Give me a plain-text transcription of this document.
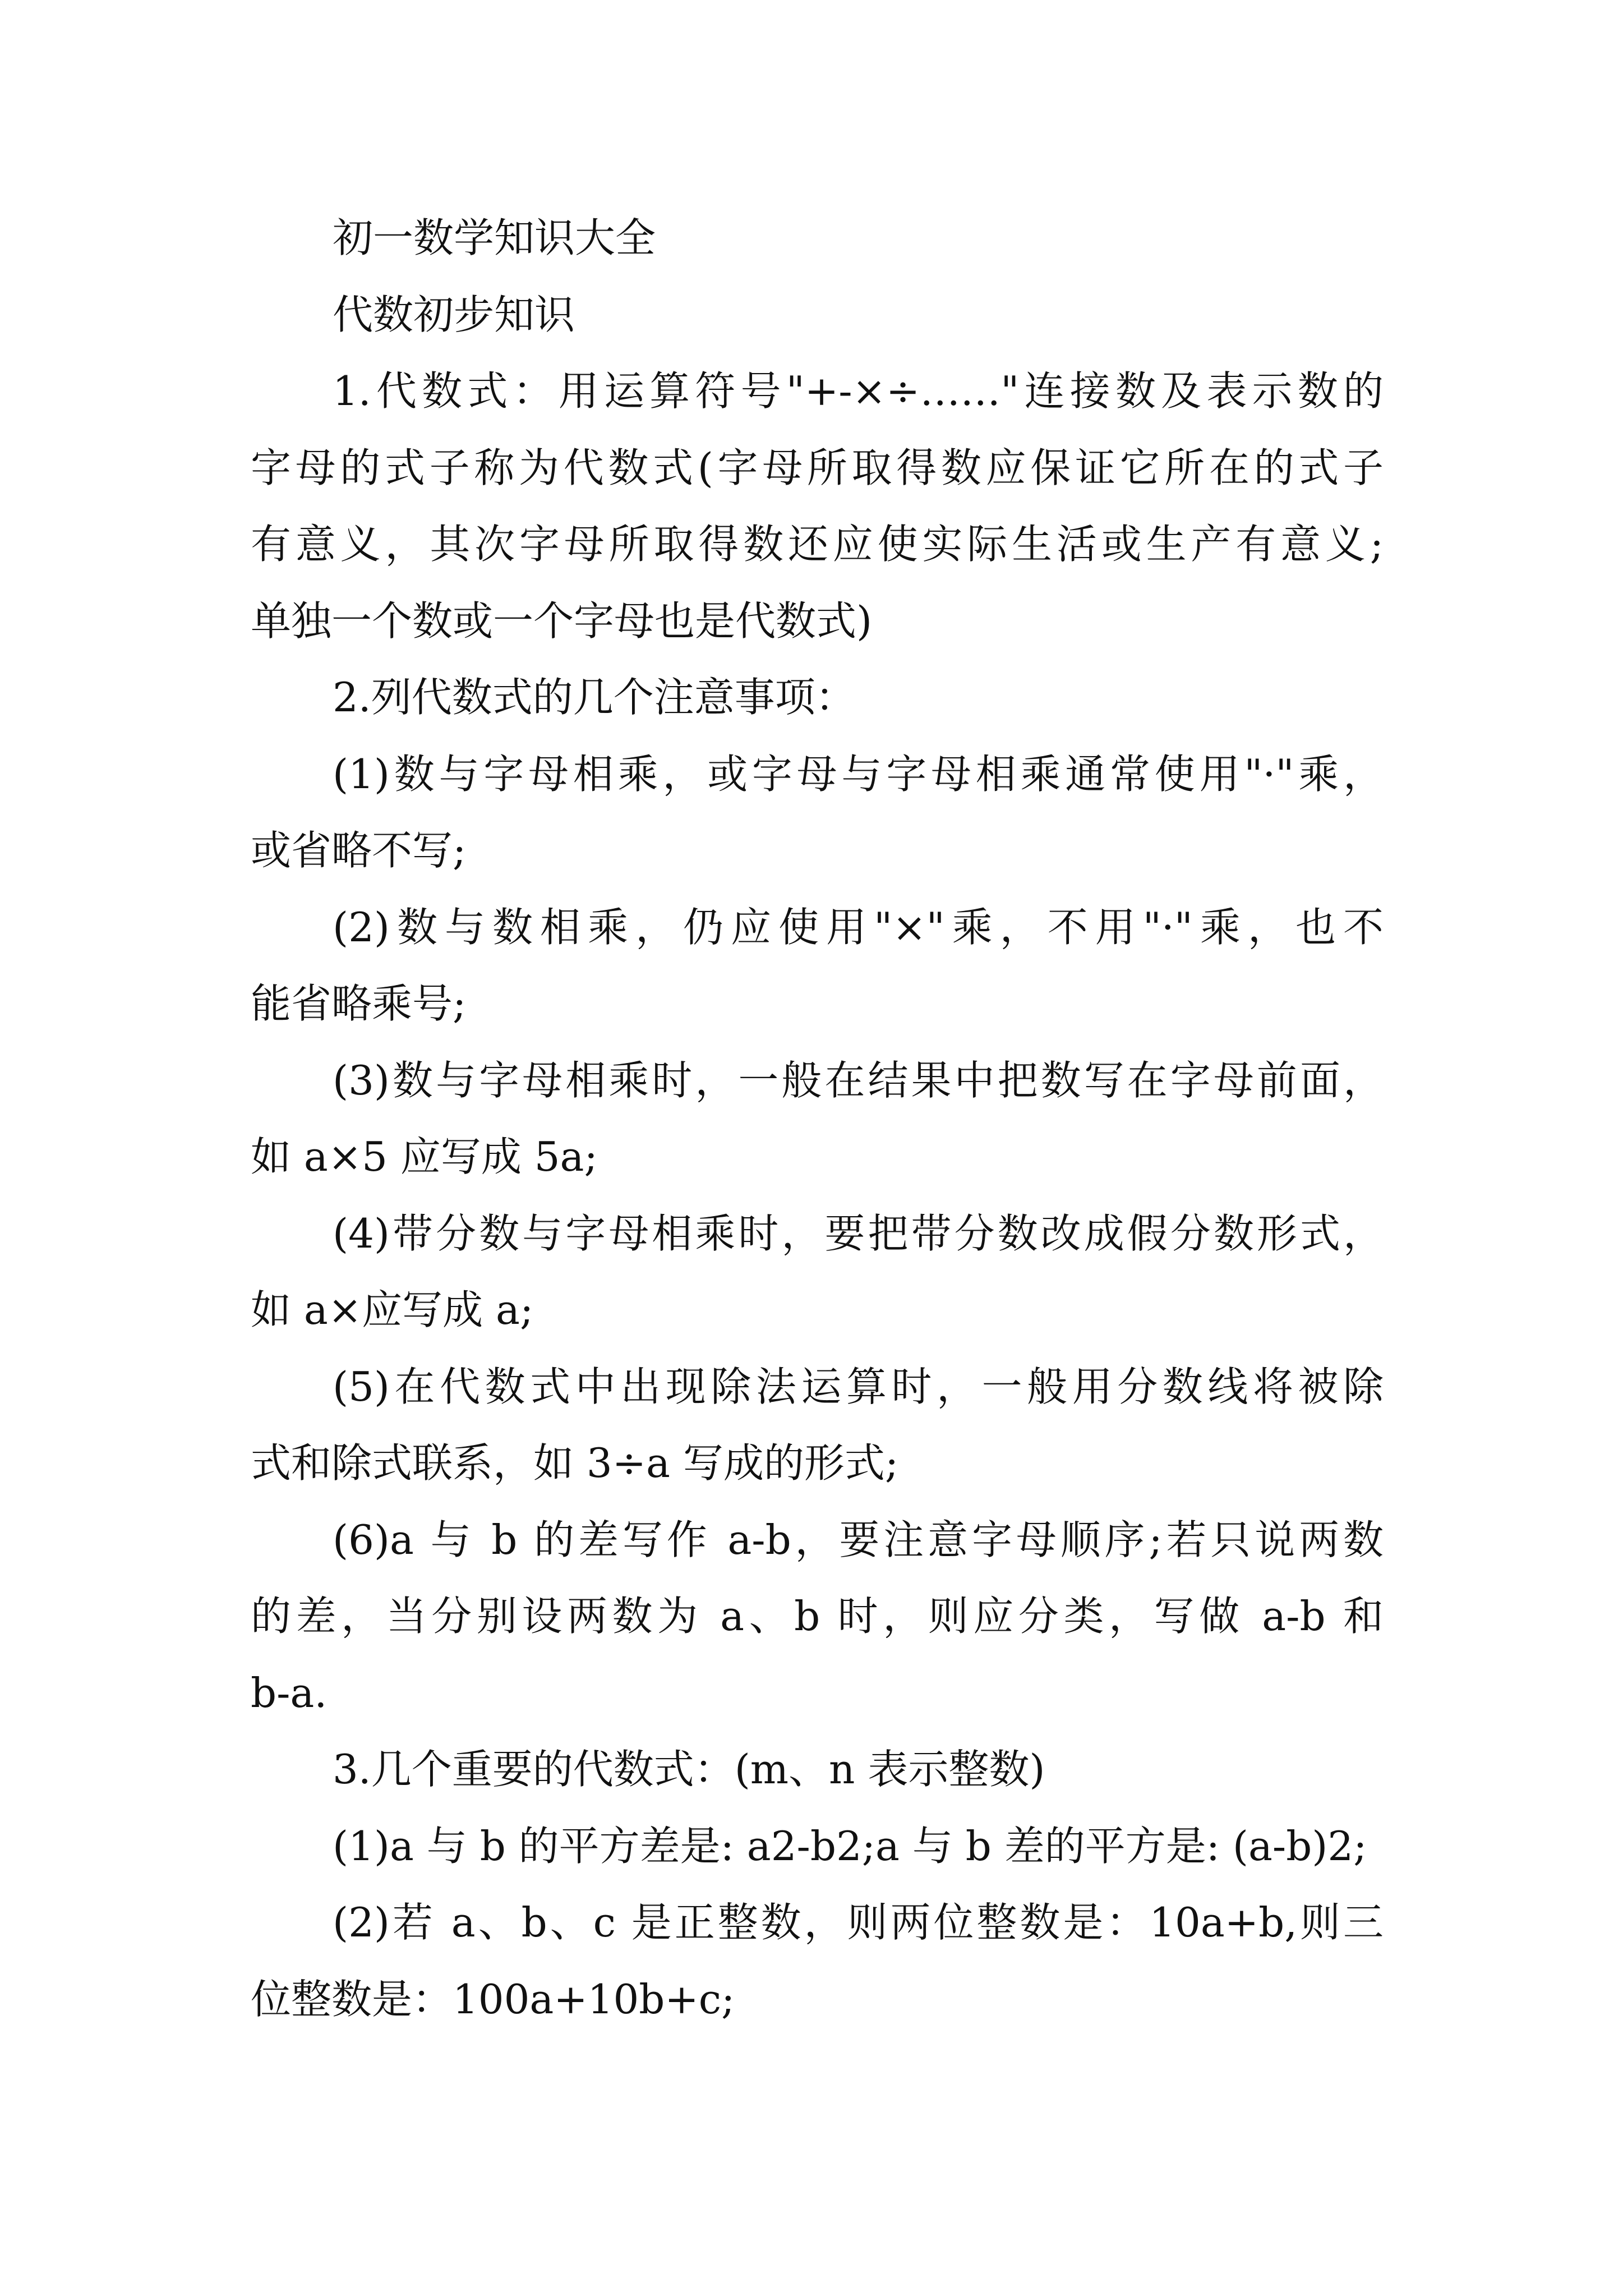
初一数学知识大全

代数初步知识

1.代数式：用运算符号"+-×÷……"连接数及表示数的

字母的式子称为代数式(字母所取得数应保证它所在的式子

有意义，其次字母所取得数还应使实际生活或生产有意义;

单独一个数或一个字母也是代数式)

2.列代数式的几个注意事项：

(1)数与字母相乘，或字母与字母相乘通常使用"·"乘，

或省略不写;

(2)数与数相乘，仍应使用"×"乘，不用"·"乘，也不

能省略乘号;

(3)数与字母相乘时，一般在结果中把数写在字母前面，

如 a×5 应写成 5a;

(4)带分数与字母相乘时，要把带分数改成假分数形式，

如 a×应写成 a;

(5)在代数式中出现除法运算时，一般用分数线将被除

式和除式联系，如 3÷a 写成的形式;

(6)a 与 b 的差写作 a-b，要注意字母顺序;若只说两数

的差，当分别设两数为 a、b 时，则应分类，写做 a-b 和

b-a.

3.几个重要的代数式：(m、n 表示整数)

(1)a 与 b 的平方差是: a2-b2;a 与 b 差的平方是: (a-b)2;

(2)若 a、b、c 是正整数，则两位整数是：10a+b,则三

位整数是：100a+10b+c;
